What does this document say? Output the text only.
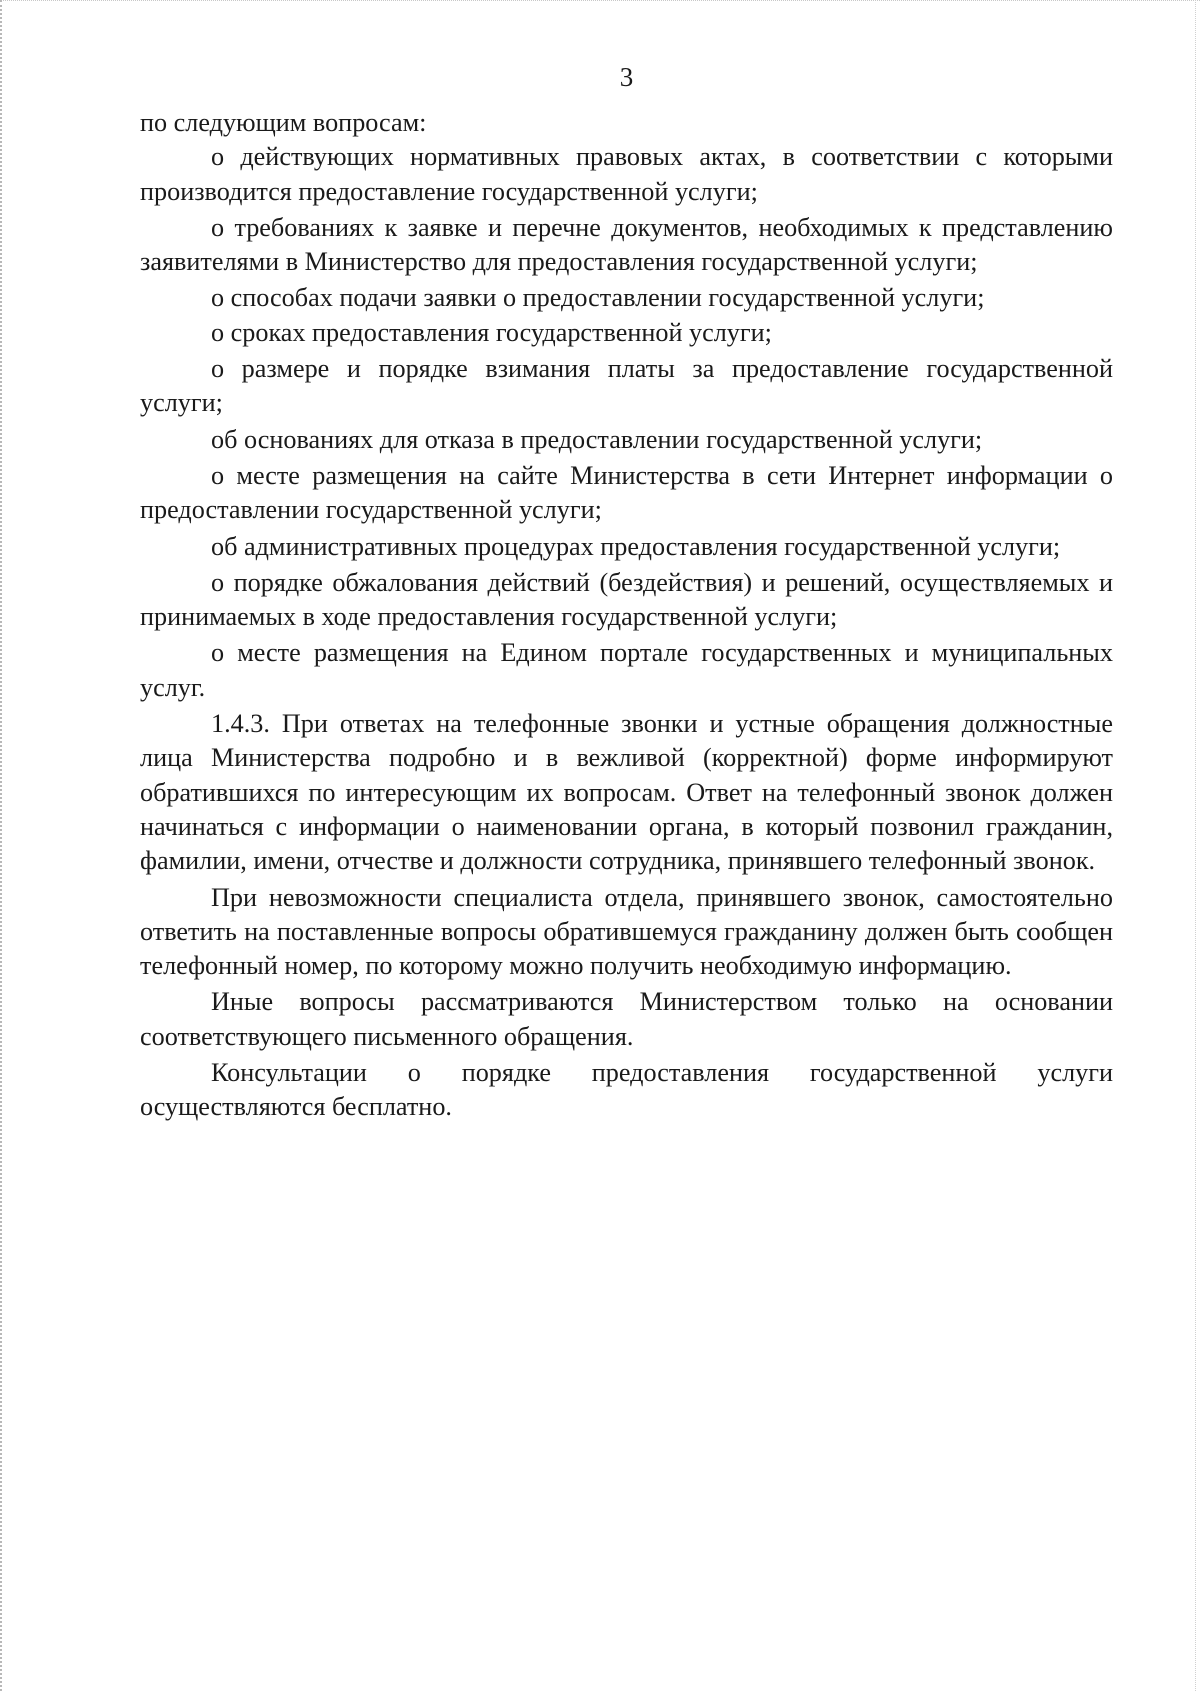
3

по следующим вопросам:

о действующих нормативных правовых актах, в соответствии с которыми производится предоставление государственной услуги;

о требованиях к заявке и перечне документов, необходимых к представлению заявителями в Министерство для предоставления государственной услуги;

о способах подачи заявки о предоставлении государственной услуги;

о сроках предоставления государственной услуги;

о размере и порядке взимания платы за предоставление государственной услуги;

об основаниях для отказа в предоставлении государственной услуги;

о месте размещения на сайте Министерства в сети Интернет информации о предоставлении государственной услуги;

об административных процедурах предоставления государственной услуги;

о порядке обжалования действий (бездействия) и решений, осуществляемых и принимаемых в ходе предоставления государственной услуги;

о месте размещения на Едином портале государственных и муниципальных услуг.

1.4.3. При ответах на телефонные звонки и устные обращения должностные лица Министерства подробно и в вежливой (корректной) форме информируют обратившихся по интересующим их вопросам. Ответ на телефонный звонок должен начинаться с информации о наименовании органа, в который позвонил гражданин, фамилии, имени, отчестве и должности сотрудника, принявшего телефонный звонок.

При невозможности специалиста отдела, принявшего звонок, самостоятельно ответить на поставленные вопросы обратившемуся гражданину должен быть сообщен телефонный номер, по которому можно получить необходимую информацию.

Иные вопросы рассматриваются Министерством только на основании соответствующего письменного обращения.

Консультации о порядке предоставления государственной услуги осуществляются бесплатно.
